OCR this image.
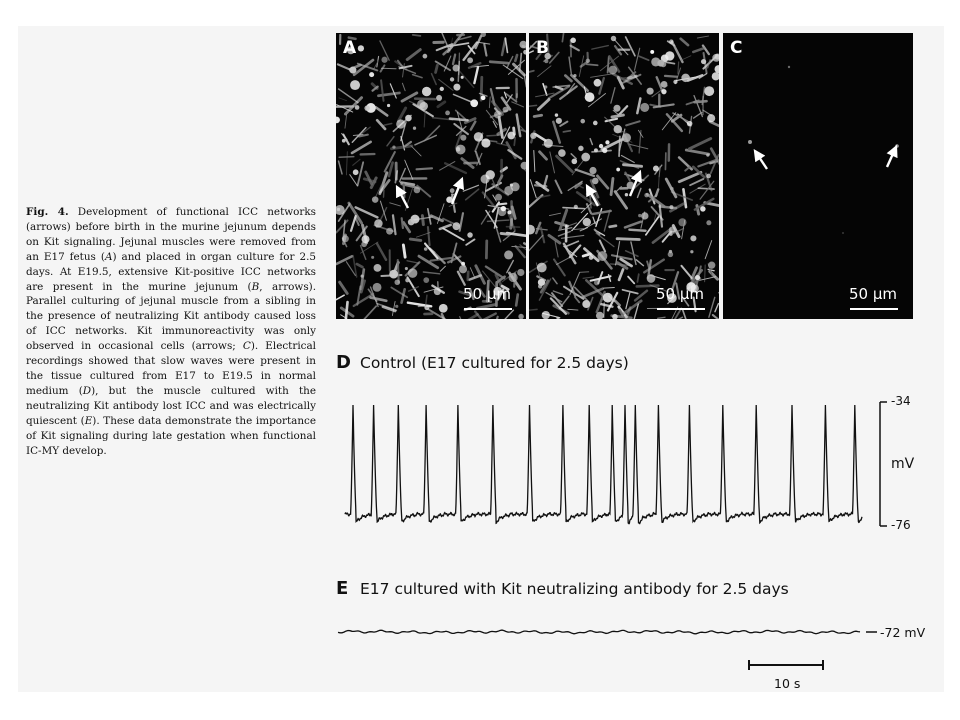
Fig. 4. Development of functional ICC networks (arrows) before birth in the murine jejunum depends on Kit signaling. Jejunal muscles were removed from an E17 fetus (A) and placed in organ culture for 2.5 days. At E19.5, extensive Kit-positive ICC networks are present in the murine jejunum (B, arrows). Parallel culturing of jejunal muscle from a sibling in the presence of neutralizing Kit antibody caused loss of ICC networks. Kit immunoreactivity was only observed in occasional cells (arrows; C). Electrical recordings showed that slow waves were present in the tissue cultured from E17 to E19.5 in normal medium (D), but the muscle cultured with the neutralizing Kit antibody lost ICC and was electrically quiescent (E). These data demonstrate the importance of Kit signaling during late gestation when functional IC-MY develop.
A
50 µm
B
50 µm
C
50 µm
D Control (E17 cultured for 2.5 days)
-34
mV
-76
E E17 cultured with Kit neutralizing antibody for 2.5 days
-72 mV
10 s
